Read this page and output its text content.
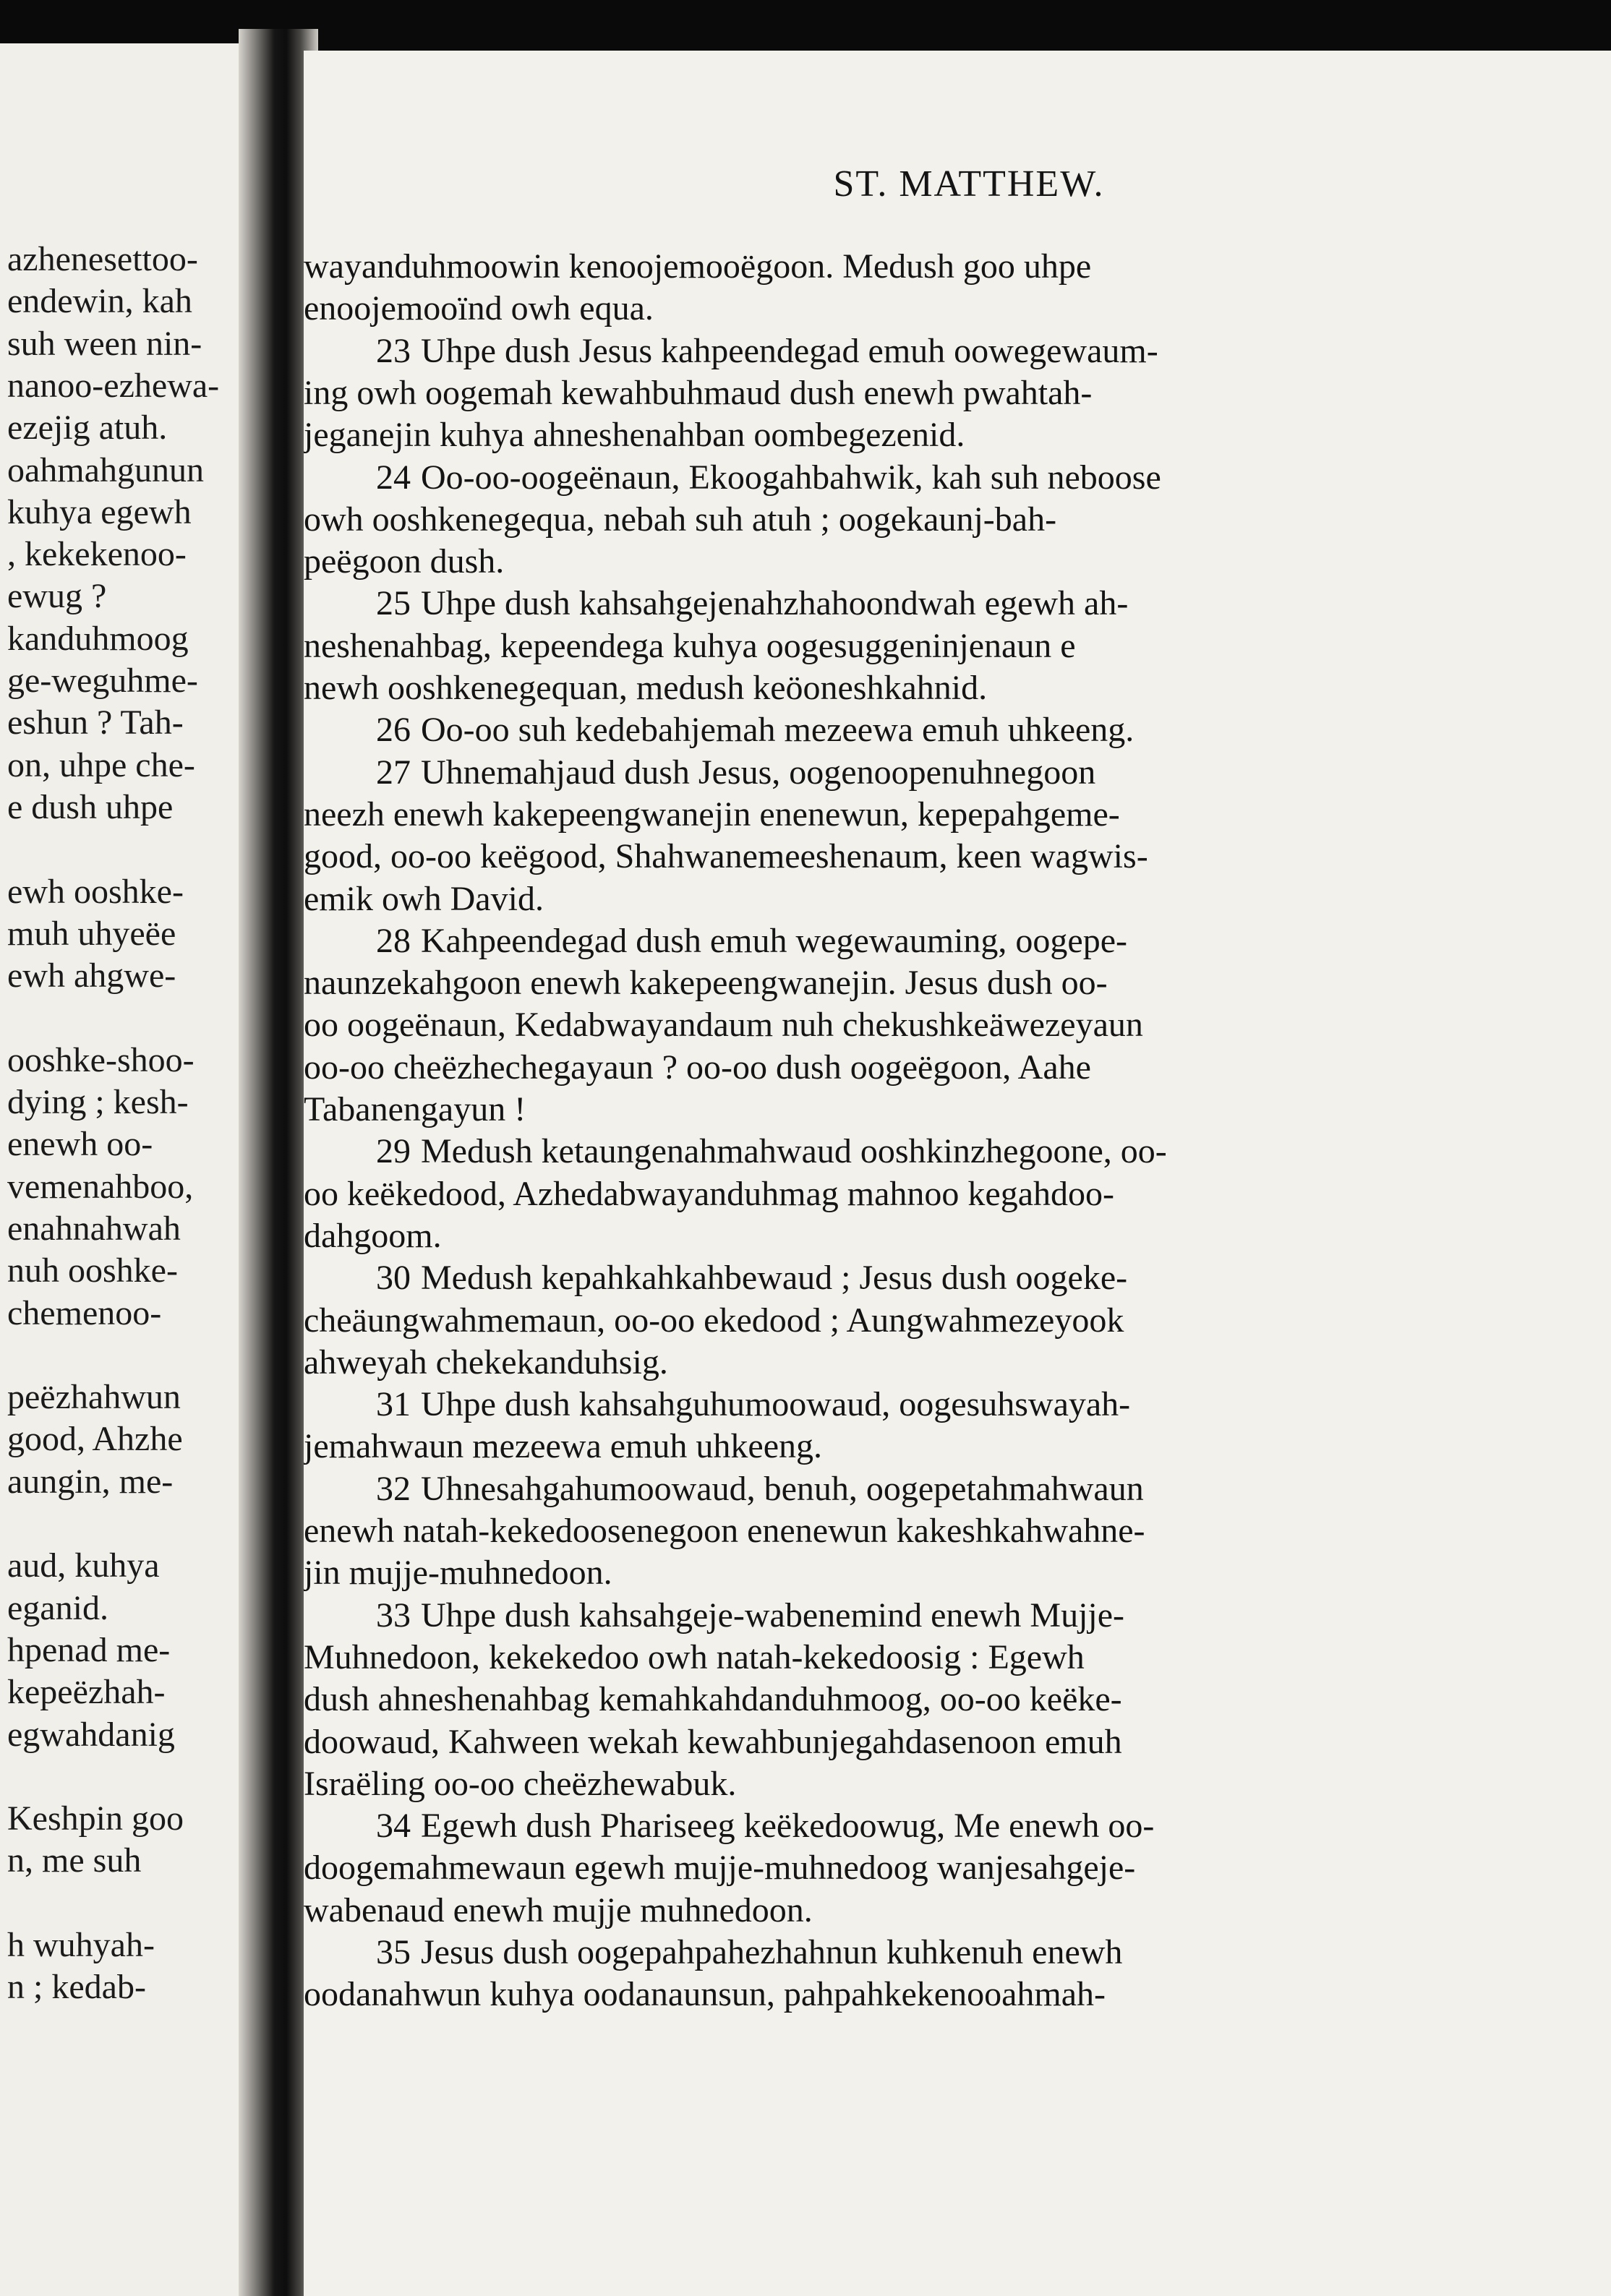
azhenesettoo-
endewin, kah
suh ween nin-
nanoo-ezhewa-
ezejig atuh.
oahmahgunun
kuhya egewh
, kekekenoo-
ewug ?
kanduhmoog
ge-weguhme-
eshun ? Tah-
on, uhpe che-
e dush uhpe
ewh ooshke-
muh uhyeëe
ewh ahgwe-
ooshke-shoo-
dying ; kesh-
enewh oo-
vemenahboo,
enahnahwah
nuh ooshke-
chemenoo-
peëzhahwun
good, Ahzhe
aungin, me-
aud, kuhya
eganid.
hpenad me-
kepeëzhah-
egwahdanig
Keshpin goo
n, me suh
h wuhyah-
n ; kedab-
ST. MATTHEW.
wayanduhmoowin kenoojemooëgoon. Medush goo uhpe
enoojemooïnd owh equa.
23 Uhpe dush Jesus kahpeendegad emuh oowegewaum-
ing owh oogemah kewahbuhmaud dush enewh pwahtah-
jeganejin kuhya ahneshenahban oombegezenid.
24 Oo-oo-oogeënaun, Ekoogahbahwik, kah suh neboose
owh ooshkenegequa, nebah suh atuh ; oogekaunj-bah-
peëgoon dush.
25 Uhpe dush kahsahgejenahzhahoondwah egewh ah-
neshenahbag, kepeendega kuhya oogesuggeninjenaun e
newh ooshkenegequan, medush keöoneshkahnid.
26 Oo-oo suh kedebahjemah mezeewa emuh uhkeeng.
27 Uhnemahjaud dush Jesus, oogenoopenuhnegoon
neezh enewh kakepeengwanejin enenewun, kepepahgeme-
good, oo-oo keëgood, Shahwanemeeshenaum, keen wagwis-
emik owh David.
28 Kahpeendegad dush emuh wegewauming, oogepe-
naunzekahgoon enewh kakepeengwanejin. Jesus dush oo-
oo oogeënaun, Kedabwayandaum nuh chekushkeäwezeyaun
oo-oo cheëzhechegayaun ? oo-oo dush oogeëgoon, Aahe
Tabanengayun !
29 Medush ketaungenahmahwaud ooshkinzhegoone, oo-
oo keëkedood, Azhedabwayanduhmag mahnoo kegahdoo-
dahgoom.
30 Medush kepahkahkahbewaud ; Jesus dush oogeke-
cheäungwahmemaun, oo-oo ekedood ; Aungwahmezeyook
ahweyah chekekanduhsig.
31 Uhpe dush kahsahguhumoowaud, oogesuhswayah-
jemahwaun mezeewa emuh uhkeeng.
32 Uhnesahgahumoowaud, benuh, oogepetahmahwaun
enewh natah-kekedoosenegoon enenewun kakeshkahwahne-
jin mujje-muhnedoon.
33 Uhpe dush kahsahgeje-wabenemind enewh Mujje-
Muhnedoon, kekekedoo owh natah-kekedoosig : Egewh
dush ahneshenahbag kemahkahdanduhmoog, oo-oo keëke-
doowaud, Kahween wekah kewahbunjegahdasenoon emuh
Israëling oo-oo cheëzhewabuk.
34 Egewh dush Phariseeg keëkedoowug, Me enewh oo-
doogemahmewaun egewh mujje-muhnedoog wanjesahgeje-
wabenaud enewh mujje muhnedoon.
35 Jesus dush oogepahpahezhahnun kuhkenuh enewh
oodanahwun kuhya oodanaunsun, pahpahkekenooahmah-
